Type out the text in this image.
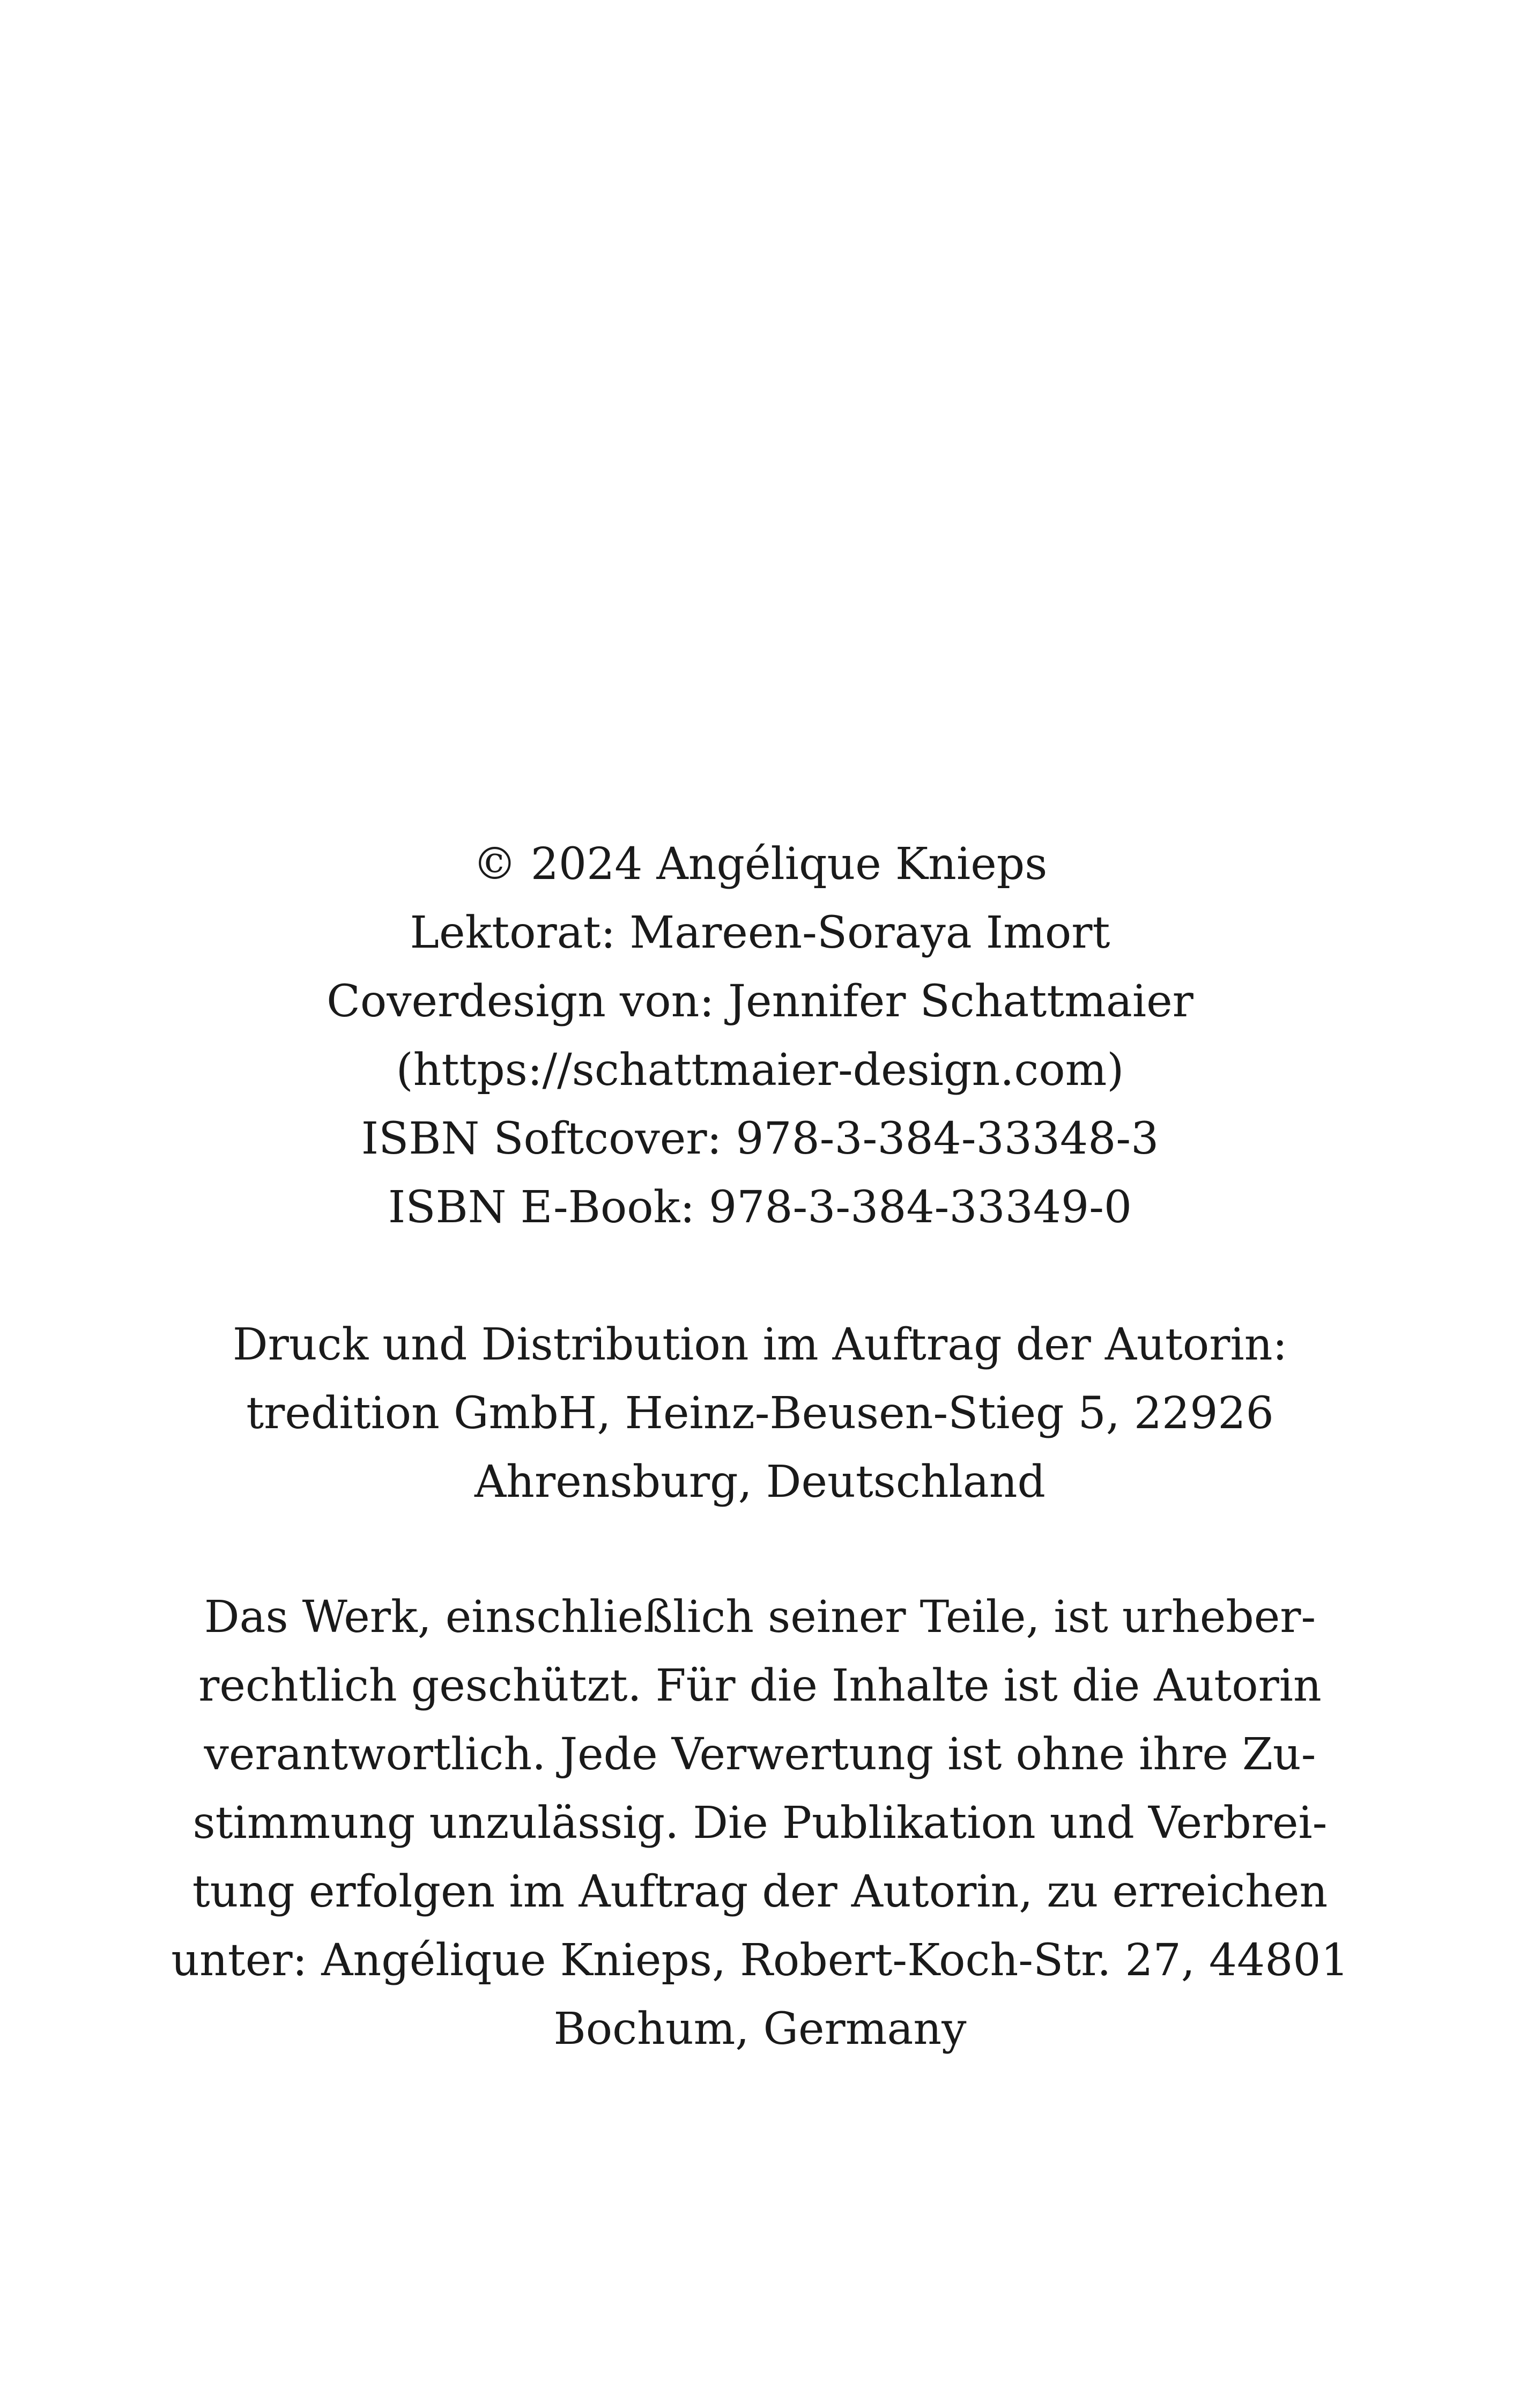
© 2024 Angélique Knieps
Lektorat: Mareen-Soraya Imort
Coverdesign von: Jennifer Schattmaier
(https://schattmaier-design.com)
ISBN Softcover: 978-3-384-33348-3
ISBN E-Book: 978-3-384-33349-0
Druck und Distribution im Auftrag der Autorin:
tredition GmbH, Heinz-Beusen-Stieg 5, 22926
Ahrensburg, Deutschland
Das Werk, einschließlich seiner Teile, ist urheber-
rechtlich geschützt. Für die Inhalte ist die Autorin
verantwortlich. Jede Verwertung ist ohne ihre Zu-
stimmung unzulässig. Die Publikation und Verbrei-
tung erfolgen im Auftrag der Autorin, zu erreichen
unter: Angélique Knieps, Robert-Koch-Str. 27, 44801
Bochum, Germany
